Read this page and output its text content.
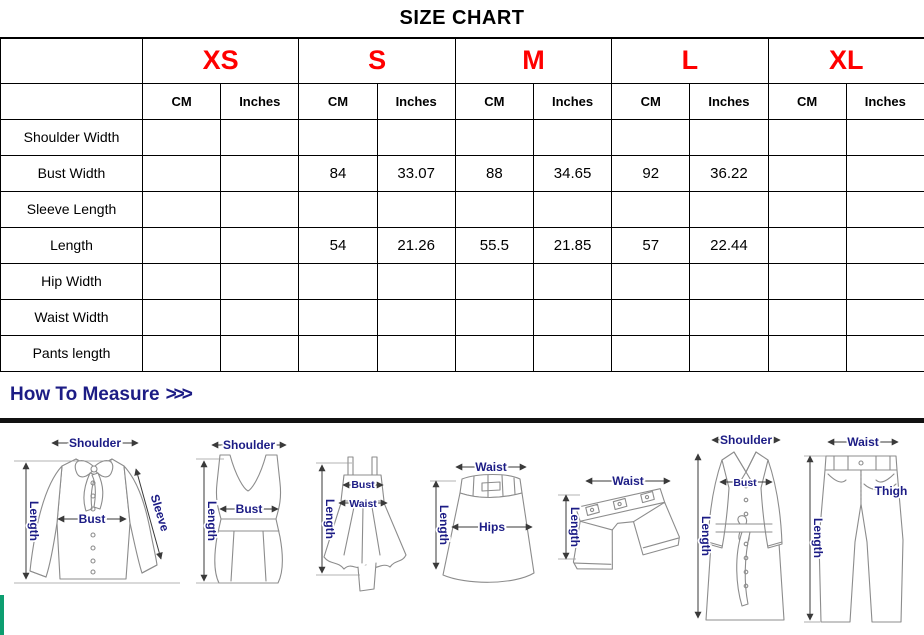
SIZE CHART
	XS		S		M		L		XL	
	CM	Inches	CM	Inches	CM	Inches	CM	Inches	CM	Inches
Shoulder Width										
Bust Width			84	33.07	88	34.65	92	36.22		
Sleeve Length										
Length			54	21.26	55.5	21.85	57	22.44		
Hip Width										
Waist Width										
Pants length										
How To Measure >>>
Shoulder
Length	Bust	Sleeve
Shoulder
Length Bust
Bust
Waist
Length
Waist
Hips
Length
Waist
Length
Shoulder
Bust
Length
Waist
Thigh
Length
